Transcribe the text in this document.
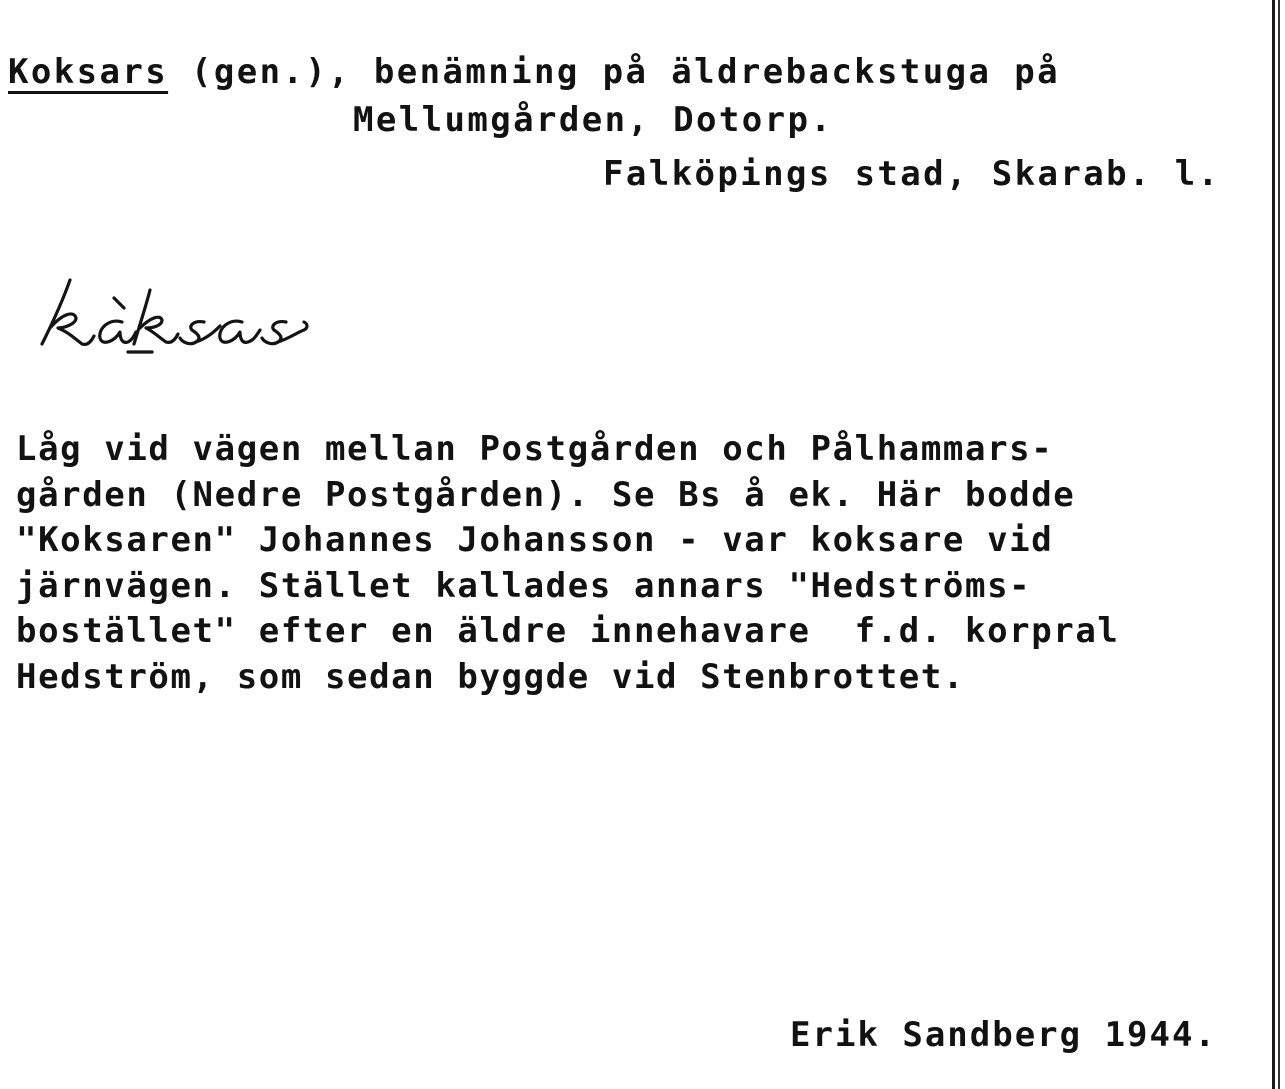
Koksars (gen.), benämning på äldrebackstuga på

Mellumgården, Dotorp.

Falköpings stad, Skarab. l.

Låg vid vägen mellan Postgården och Pålhammars-
gården (Nedre Postgården). Se Bs å ek. Här bodde
"Koksaren" Johannes Johansson - var koksare vid
järnvägen. Stället kallades annars "Hedströms-
bostället" efter en äldre innehavare  f.d. korpral
Hedström, som sedan byggde vid Stenbrottet.

Erik Sandberg 1944.
